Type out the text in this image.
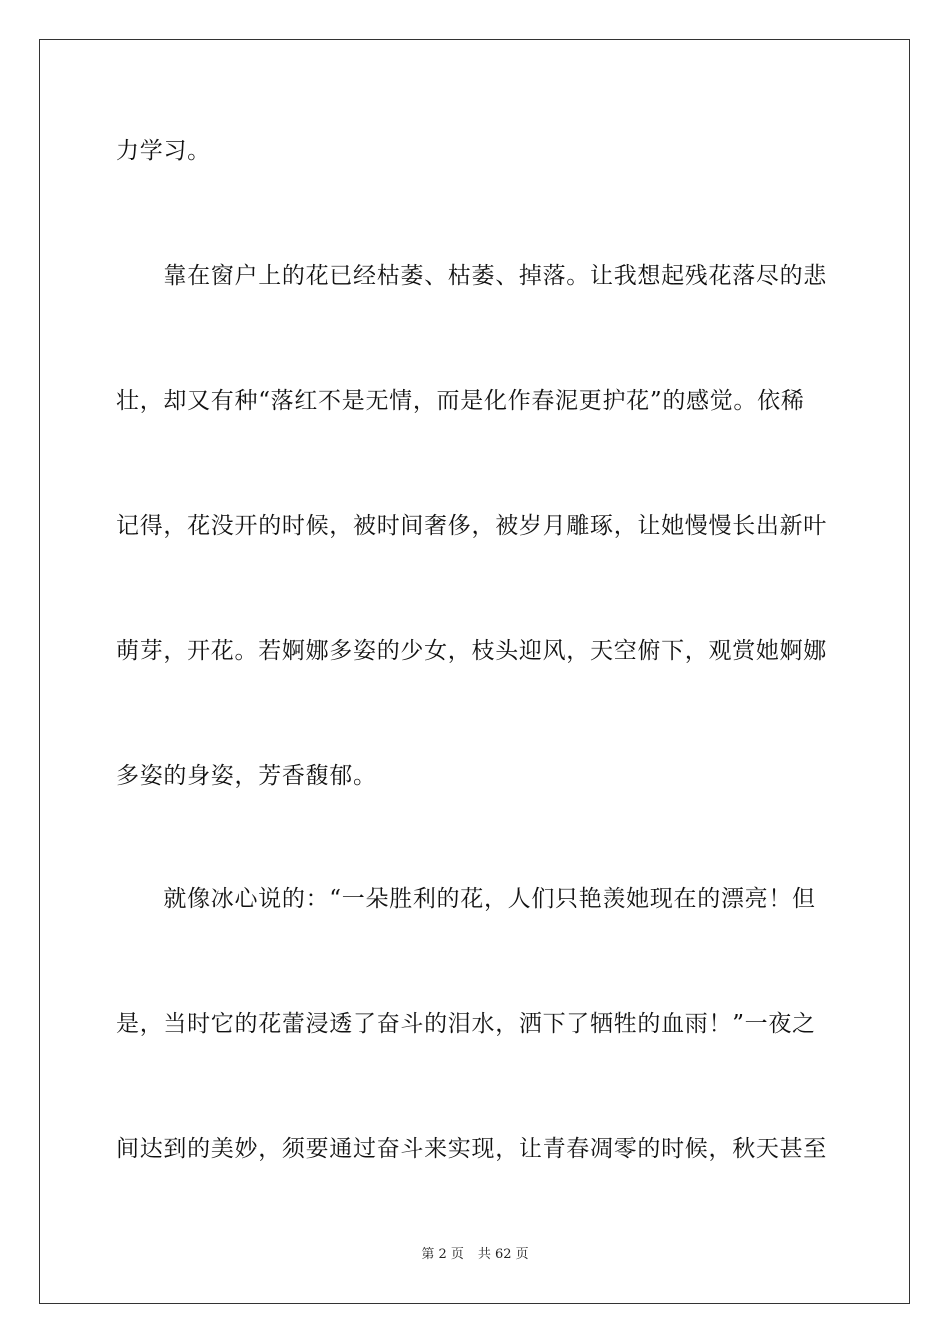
力学习。
　　靠在窗户上的花已经枯萎、枯萎、掉落。让我想起残花落尽的悲
壮，却又有种“落红不是无情，而是化作春泥更护花”的感觉。依稀
记得，花没开的时候，被时间奢侈，被岁月雕琢，让她慢慢长出新叶
萌芽，开花。若婀娜多姿的少女，枝头迎风，天空俯下，观赏她婀娜
多姿的身姿，芳香馥郁。
　　就像冰心说的：“一朵胜利的花，人们只艳羡她现在的漂亮！但
是，当时它的花蕾浸透了奋斗的泪水，洒下了牺牲的血雨！”一夜之
间达到的美妙，须要通过奋斗来实现，让青春凋零的时候，秋天甚至
第 2 页 共 62 页
